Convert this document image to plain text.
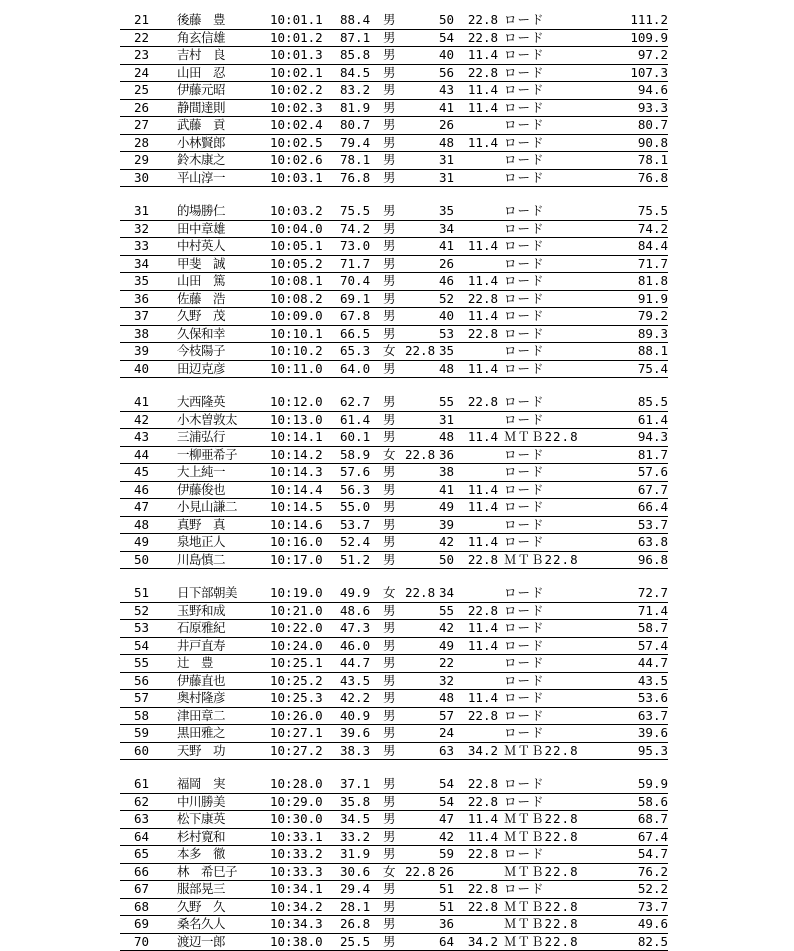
21 後藤　豊	10:01.1 88.4 男	50	22.8 ロード	111.2
22 角玄信雄	10:01.2 87.1 男	54	22.8 ロード	109.9
23 吉村　良	10:01.3 85.8 男	40	11.4 ロード	97.2
24 山田　忍	10:02.1 84.5 男	56	22.8 ロード	107.3
25 伊藤元昭	10:02.2 83.2 男	43	11.4 ロード	94.6
26 静間達則	10:02.3 81.9 男	41	11.4 ロード	93.3
27 武藤　貢	10:02.4 80.7 男	26	ロード	80.7
28 小林賢郎	10:02.5 79.4 男	48	11.4 ロード	90.8
29 鈴木康之	10:02.6 78.1 男	31	ロード	78.1
30 平山淳一	10:03.1 76.8 男	31	ロード	76.8
31 的場勝仁	10:03.2 75.5 男	35	ロード	75.5
32 田中章雄	10:04.0 74.2 男	34	ロード	74.2
33 中村英人	10:05.1 73.0 男	41	11.4 ロード	84.4
34 甲斐　誠	10:05.2 71.7 男	26	ロード	71.7
35 山田　篤	10:08.1 70.4 男	46	11.4 ロード	81.8
36 佐藤　浩	10:08.2 69.1 男	52	22.8 ロード	91.9
37 久野　茂	10:09.0 67.8 男	40	11.4 ロード	79.2
38 久保和幸	10:10.1 66.5 男	53	22.8 ロード	89.3
39 今枝陽子	10:10.2 65.3 女 22.8 35	ロード	88.1
40 田辺克彦	10:11.0 64.0 男	48	11.4 ロード	75.4
41 大西隆英	10:12.0 62.7 男	55	22.8 ロード	85.5
42 小木曽敦太	10:13.0 61.4 男	31	ロード	61.4
43 三浦弘行	10:14.1 60.1 男	48	11.4 ＭＴＢ22.8	94.3
44 一柳亜希子	10:14.2 58.9 女 22.8 36	ロード	81.7
45 大上純一	10:14.3 57.6 男	38	ロード	57.6
46 伊藤俊也	10:14.4 56.3 男	41	11.4 ロード	67.7
47 小見山謙二	10:14.5 55.0 男	49	11.4 ロード	66.4
48 真野　真	10:14.6 53.7 男	39	ロード	53.7
49 泉地正人	10:16.0 52.4 男	42	11.4 ロード	63.8
50 川島慎二	10:17.0 51.2 男	50	22.8 ＭＴＢ22.8	96.8
51 日下部朝美	10:19.0 49.9 女 22.8 34	ロード	72.7
52 玉野和成	10:21.0 48.6 男	55	22.8 ロード	71.4
53 石原雅紀	10:22.0 47.3 男	42	11.4 ロード	58.7
54 井戸直寿	10:24.0 46.0 男	49	11.4 ロード	57.4
55 辻　豊	10:25.1 44.7 男	22	ロード	44.7
56 伊藤直也	10:25.2 43.5 男	32	ロード	43.5
57 奥村隆彦	10:25.3 42.2 男	48	11.4 ロード	53.6
58 津田章二	10:26.0 40.9 男	57	22.8 ロード	63.7
59 黒田雅之	10:27.1 39.6 男	24	ロード	39.6
60 天野　功	10:27.2 38.3 男	63	34.2 ＭＴＢ22.8	95.3
61 福岡　実	10:28.0 37.1 男	54	22.8 ロード	59.9
62 中川勝美	10:29.0 35.8 男	54	22.8 ロード	58.6
63 松下康英	10:30.0 34.5 男	47	11.4 ＭＴＢ22.8	68.7
64 杉村寛和	10:33.1 33.2 男	42	11.4 ＭＴＢ22.8	67.4
65 本多　徹	10:33.2 31.9 男	59	22.8 ロード	54.7
66 林　希巳子	10:33.3 30.6 女 22.8 26	ＭＴＢ22.8	76.2
67 服部晃三	10:34.1 29.4 男	51	22.8 ロード	52.2
68 久野　久	10:34.2 28.1 男	51	22.8 ＭＴＢ22.8	73.7
69 桑名久人	10:34.3 26.8 男	36	ＭＴＢ22.8	49.6
70 渡辺一郎	10:38.0 25.5 男	64	34.2 ＭＴＢ22.8	82.5
